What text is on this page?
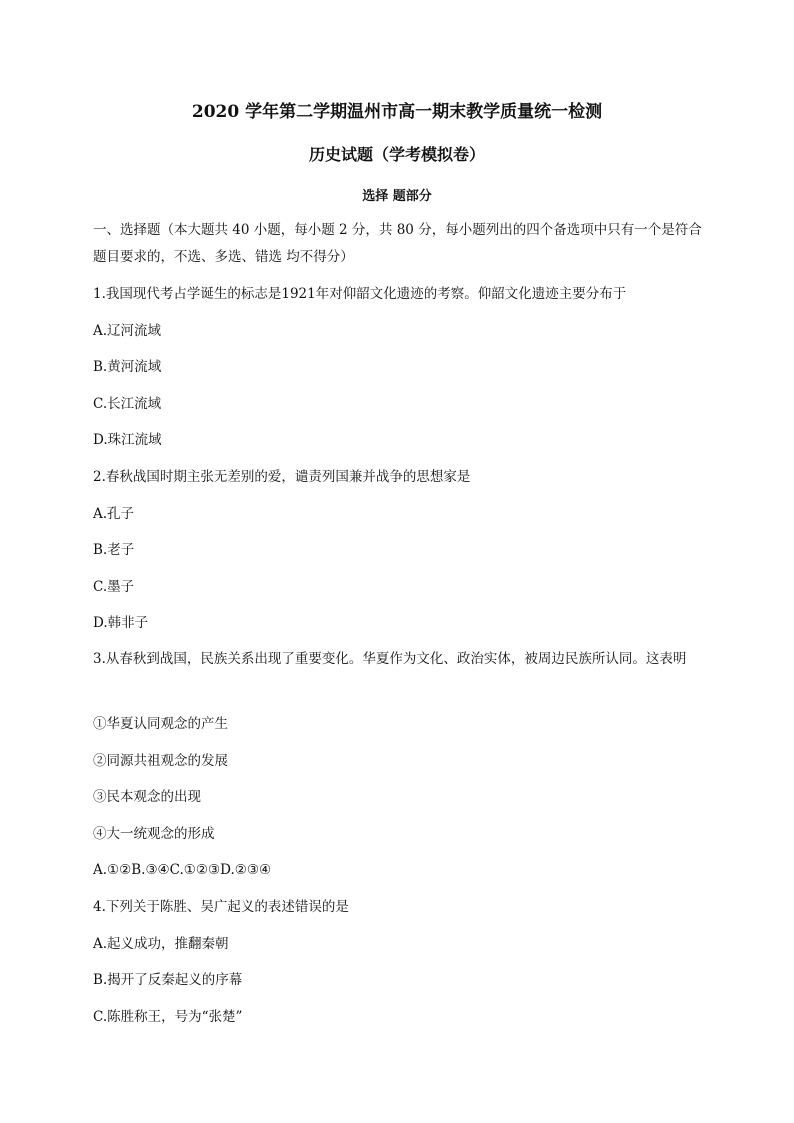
2020 学年第二学期温州市高一期末教学质量统一检测
历史试题（学考模拟卷）
选择 题部分
一、选择题（本大题共 40 小题，每小题 2 分，共 80 分，每小题列出的四个备选项中只有一个是符合题目要求的，不选、多选、错选 均不得分）
1.我国现代考占学诞生的标志是1921年对仰韶文化遗迹的考察。仰韶文化遗迹主要分布于
A.辽河流域
B.黄河流域
C.长江流域
D.珠江流域
2.春秋战国时期主张无差别的爱，谴责列国兼并战争的思想家是
A.孔子
B.老子
C.墨子
D.韩非子
3.从春秋到战国，民族关系出现了重要变化。华夏作为文化、政治实体，被周边民族所认同。这表明
①华夏认同观念的产生
②同源共祖观念的发展
③民本观念的出现
④大一统观念的形成
A.①②B.③④C.①②③D.②③④
4.下列关于陈胜、吴广起义的表述错误的是
A.起义成功，推翻秦朝
B.揭开了反秦起义的序幕
C.陈胜称王，号为“张楚”
